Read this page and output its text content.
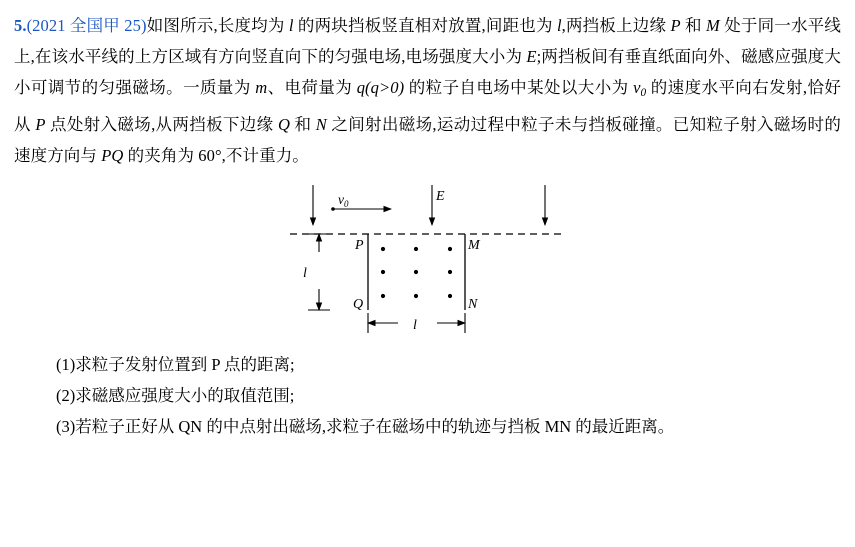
5.(2021 全国甲 25)如图所示,长度均为 l 的两块挡板竖直相对放置,间距也为 l,两挡板上边缘 P 和 M 处于同一水平线上,在该水平线的上方区域有方向竖直向下的匀强电场,电场强度大小为 E;两挡板间有垂直纸面向外、磁感应强度大小可调节的匀强磁场。一质量为 m、电荷量为 q(q>0) 的粒子自电场中某处以大小为 $v_0$ 的速度水平向右发射,恰好从 P 点处射入磁场,从两挡板下边缘 Q 和 N 之间射出磁场,运动过程中粒子未与挡板碰撞。已知粒子射入磁场时的速度方向与 PQ 的夹角为 60°,不计重力。
$v_0$	E
P	M
Q	N
l
l
(1)求粒子发射位置到 P 点的距离;
(2)求磁感应强度大小的取值范围;
(3)若粒子正好从 QN 的中点射出磁场,求粒子在磁场中的轨迹与挡板 MN 的最近距离。
